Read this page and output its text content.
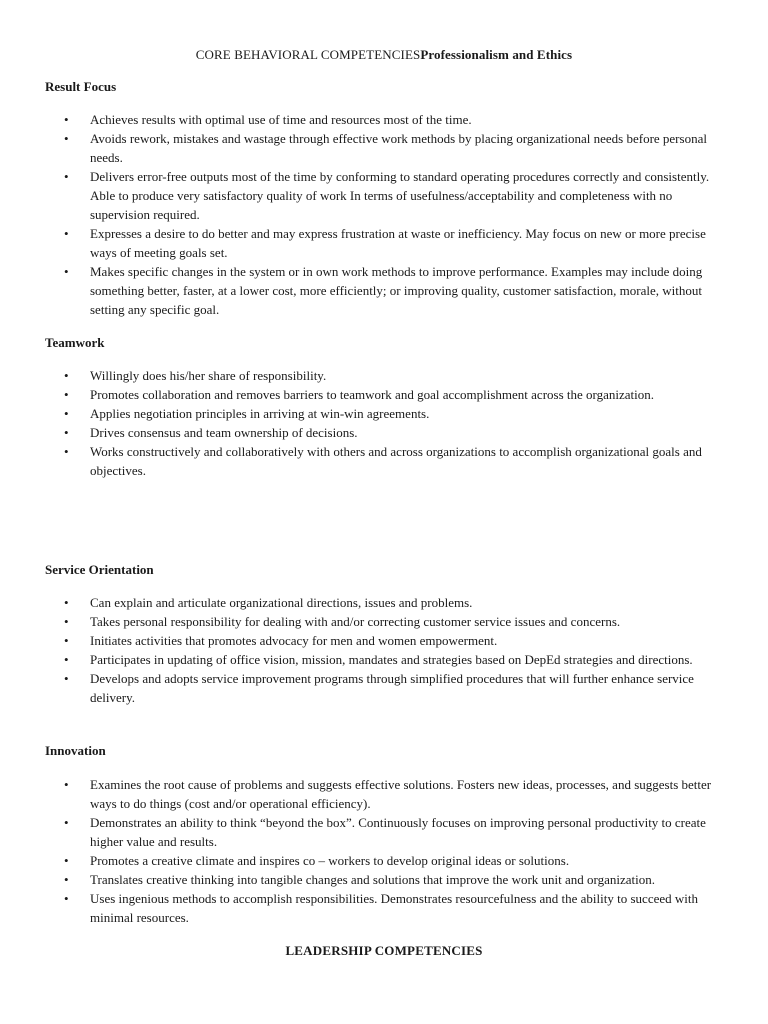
CORE BEHAVIORAL COMPETENCIESProfessionalism and Ethics
Result Focus
• Achieves results with optimal use of time and resources most of the time.
• Avoids rework, mistakes and wastage through effective work methods by placing organizational needs before personal needs.
• Delivers error-free outputs most of the time by conforming to standard operating procedures correctly and consistently. Able to produce very satisfactory quality of work In terms of usefulness/acceptability and completeness with no supervision required.
• Expresses a desire to do better and may express frustration at waste or inefficiency. May focus on new or more precise ways of meeting goals set.
• Makes specific changes in the system or in own work methods to improve performance. Examples may include doing something better, faster, at a lower cost, more efficiently; or improving quality, customer satisfaction, morale, without setting any specific goal.
Teamwork
• Willingly does his/her share of responsibility.
• Promotes collaboration and removes barriers to teamwork and goal accomplishment across the organization.
• Applies negotiation principles in arriving at win-win agreements.
• Drives consensus and team ownership of decisions.
• Works constructively and collaboratively with others and across organizations to accomplish organizational goals and objectives.
Service Orientation
• Can explain and articulate organizational directions, issues and problems.
• Takes personal responsibility for dealing with and/or correcting customer service issues and concerns.
• Initiates activities that promotes advocacy for men and women empowerment.
• Participates in updating of office vision, mission, mandates and strategies based on DepEd strategies and directions.
• Develops and adopts service improvement programs through simplified procedures that will further enhance service delivery.
Innovation
• Examines the root cause of problems and suggests effective solutions. Fosters new ideas, processes, and suggests better ways to do things (cost and/or operational efficiency).
• Demonstrates an ability to think “beyond the box”. Continuously focuses on improving personal productivity to create higher value and results.
• Promotes a creative climate and inspires co – workers to develop original ideas or solutions.
• Translates creative thinking into tangible changes and solutions that improve the work unit and organization.
• Uses ingenious methods to accomplish responsibilities. Demonstrates resourcefulness and the ability to succeed with minimal resources.
LEADERSHIP COMPETENCIES
